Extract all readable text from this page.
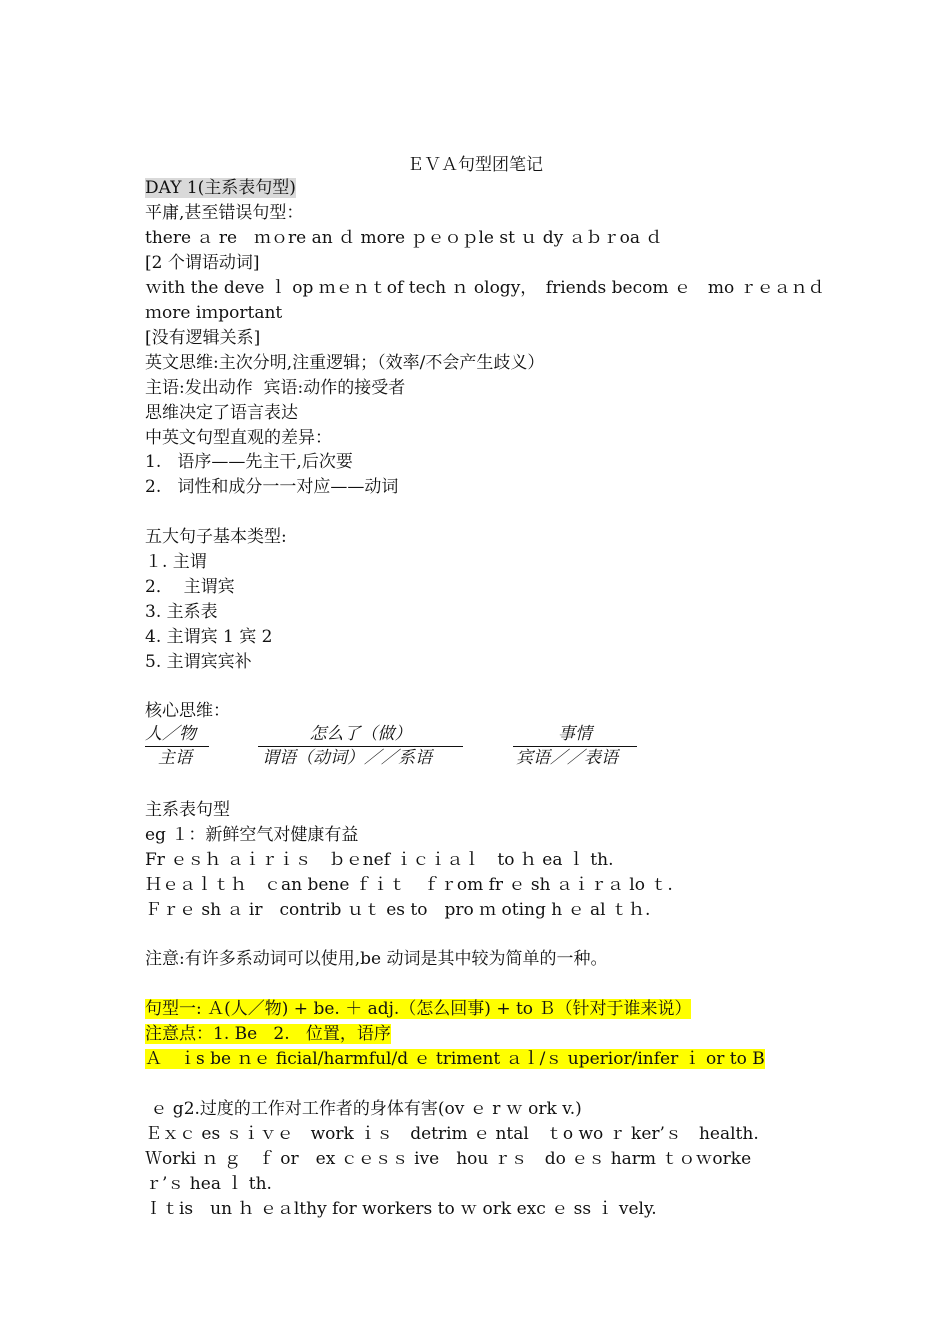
ＥＶＡ句型团笔记
DAY 1(主系表句型)
平庸,甚至错误句型：
there ａ re　ｍｏre an ｄ more ｐｅｏｐle st ｕ dy ａｂｒoa ｄ
[2 个谓语动词]
ｗith the deve ｌ op ｍｅｎｔof tech ｎ ology，　friends becom ｅ　mo ｒｅａｎｄ
ｍore iｍportant
[没有逻辑关系]
英文思维:主次分明,注重逻辑；（效率/不会产生歧义）
主语:发出动作  宾语:动作的接受者
思维决定了语言表达
中英文句型直观的差异：
1.   语序——先主干,后次要
2.   词性和成分一一对应——动词
五大句子基本类型:
１. 主谓
2．  主谓宾
3. 主系表
4. 主谓宾 1 宾 2
5. 主谓宾宾补
核心思维：
人／物	怎么了（做）	事情
主语	谓语（动词）／／系语	宾语／／表语
主系表句型
eg １：新鲜空气对健康有益
Fr ｅｓｈ ａｉｒｉｓ　ｂｅnef ｉｃｉａｌ　to ｈ ea ｌ th.
Ｈｅａｌｔｈ　ｃan bene ｆｉｔ　ｆｒom fr ｅ sh ａｉｒａ lo ｔ.
Ｆｒｅ sh ａ ir　contrib ｕｔ es to　pro ｍ oting h ｅ al ｔｈ.
注意:有许多系动词可以使用,be 动词是其中较为简单的一种。
句型一: Ａ(人／物) + be. ＋ adj.（怎么回事) + to Ｂ（针对于谁来说）
注意点：1. Be   2.   位置，语序
Ａ　ｉs be ｎｅ ficial/harmful/d ｅ triment ａｌ/ｓ uperior/infer ｉ or to B
ｅ g2.过度的工作对工作者的身体有害(ov ｅ r ｗ ork v.)
Ｅｘｃ es ｓｉｖｅ　work ｉｓ　detrim ｅ ntal　ｔo wo ｒ ker’ｓ　health.
Ｗorki ｎ ｇ　ｆ or　ex ｃｅｓｓ ive　hou ｒｓ　do ｅｓ harm ｔｏｗorke
ｒ’ｓ hea ｌ th.
Ｉｔis　un ｈ ｅａlthy for workers to ｗ ork exc ｅ ss ｉ vely.
